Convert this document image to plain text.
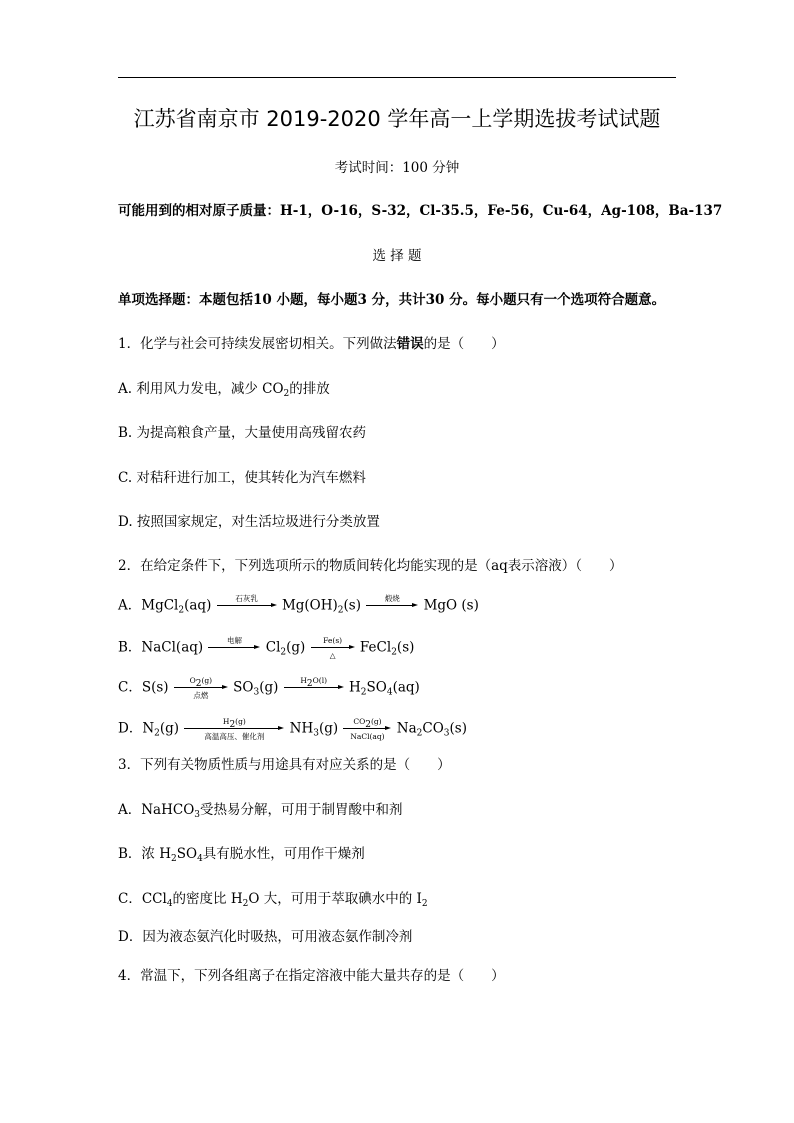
江苏省南京市 2019-2020 学年高一上学期选拔考试试题
考试时间：100 分钟
可能用到的相对原子质量：H-1，O-16，S-32，Cl-35.5，Fe-56，Cu-64，Ag-108，Ba-137
选 择 题
单项选择题：本题包括10 小题，每小题3 分，共计30 分。每小题只有一个选项符合题意。
1．化学与社会可持续发展密切相关。下列做法错误的是（　　）
A. 利用风力发电，减少 $CO_2$的排放
B. 为提高粮食产量，大量使用高残留农药
C. 对秸秆进行加工，使其转化为汽车燃料
D. 按照国家规定，对生活垃圾进行分类放置
2．在给定条件下，下列选项所示的物质间转化均能实现的是（aq表示溶液）（　　）
A．MgCl$_2$(aq)	石灰乳
	$Mg(OH)_2(s)$	煅烧
	MgO (s)
B．NaCl(aq)	电解
	$Cl_2(g)$	Fe(s)
△	FeCl$_2$(s)
C．S(s)	$O_2(g)$
点燃	$SO_3(g)$	$H_2O(l)$
	$H_2SO_4(aq)$
D．$N_2(g)$	$H_2(g)$
高温高压、催化剂	$NH_3(g)$	$CO_2(g)$
NaCl(aq) $Na_2CO_3(s)$
3．下列有关物质性质与用途具有对应关系的是（　　）
A．NaHCO$_3$受热易分解，可用于制胃酸中和剂
B．浓 $H_2SO_4$具有脱水性，可用作干燥剂
C．CCl$_4$的密度比 $H_2O$ 大，可用于萃取碘水中的 $I_2$
D．因为液态氨汽化时吸热，可用液态氨作制冷剂
4．常温下，下列各组离子在指定溶液中能大量共存的是（　　）
